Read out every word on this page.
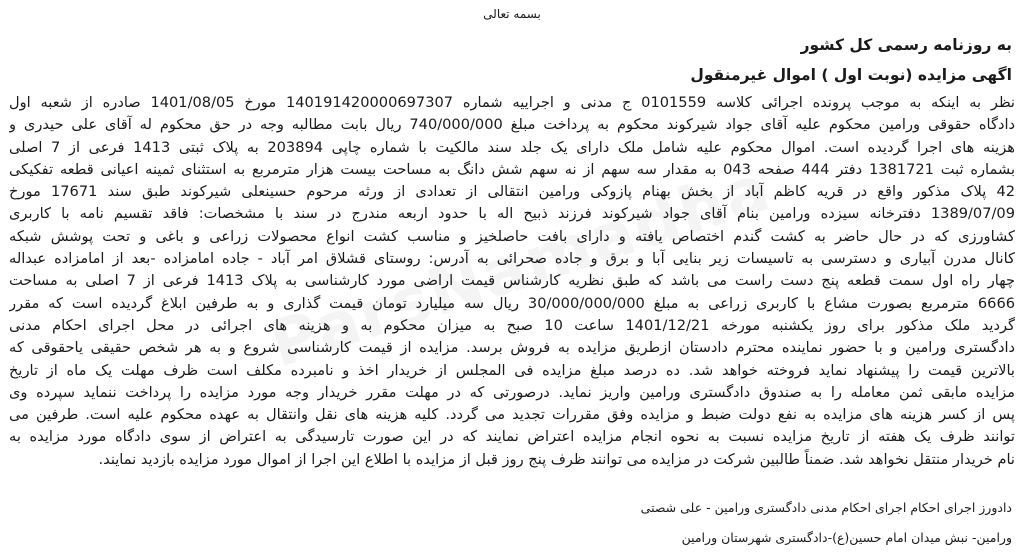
بسمه تعالی
به روزنامه رسمی کل کشور
اگهی مزایده (نوبت اول ) اموال غیرمنقول
نظر به اینکه به موجب پرونده اجرائی کلاسه 0101559 ج مدنی و اجراییه شماره 140191420000697307 مورخ 1401/08/05 صادره از شعبه اول
دادگاه حقوقی ورامین محکوم علیه آقای جواد شیرکوند محکوم به پرداخت مبلغ 740/000/000 ریال بابت مطالبه وجه در حق محکوم له آقای علی حیدری و
هزینه های اجرا گردیده است. اموال محکوم علیه شامل ملک دارای یک جلد سند مالکیت با شماره چاپی 203894 به پلاک ثبتی 1413 فرعی از 7 اصلی
بشماره ثبت 1381721 دفتر 444 صفحه 043 به مقدار سه سهم از نه سهم شش دانگ به مساحت بیست هزار مترمربع به استثنای ثمینه اعیانی قطعه تفکیکی
42 پلاک مذکور واقع در قریه کاظم آباد از بخش بهنام پازوکی ورامین انتقالی از تعدادی از ورثه مرحوم حسینعلی شیرکوند طبق سند 17671 مورخ
1389/07/09 دفترخانه سیزده ورامین بنام آقای جواد شیرکوند فرزند ذبیح اله با حدود اربعه مندرج در سند با مشخصات: فاقد تقسیم نامه با کاربری
کشاورزی که در حال حاضر به کشت گندم اختصاص یافته و دارای بافت حاصلخیز و مناسب کشت انواع محصولات زراعی و باغی و تحت پوشش شبکه
کانال مدرن آبیاری و دسترسی به تاسیسات زیر بنایی آبا و برق و جاده صحرائی به آدرس: روستای قشلاق امر آباد - جاده امامزاده -بعد از امامزاده عبداله
چهار راه اول سمت قطعه پنج دست راست می باشد که طبق نظریه کارشناس قیمت اراضی مورد کارشناسی به پلاک 1413 فرعی از 7 اصلی به مساحت
6666 مترمربع بصورت مشاع با کاربری زراعی به مبلغ 30/000/000/000 ریال سه میلیارد تومان قیمت گذاری و به طرفین ابلاغ گردیده است که مقرر
گردید ملک مذکور برای روز یکشنبه مورخه 1401/12/21 ساعت 10 صبح به میزان محکوم به و هزینه های اجرائی در محل اجرای احکام مدنی
دادگستری ورامین و با حضور نماینده محترم دادستان ازطریق مزایده به فروش برسد. مزایده از قیمت کارشناسی شروع و به هر شخص حقیقی یاحقوقی که
بالاترین قیمت را پیشنهاد نماید فروخته خواهد شد. ده درصد مبلغ مزایده فی المجلس از خریدار اخذ و نامبرده مکلف است ظرف مهلت یک ماه از تاریخ
مزایده مابقی ثمن معامله را به صندوق دادگستری ورامین واریز نماید. درصورتی که در مهلت مقرر خریدار وجه مورد مزایده را پرداخت ننماید سپرده وی
پس از کسر هزینه های مزایده به نفع دولت ضبط و مزایده وفق مقررات تجدید می گردد. کلیه هزینه های نقل وانتقال به عهده محکوم علیه است. طرفین می
توانند ظرف یک هفته از تاریخ مزایده نسبت به نحوه انجام مزایده اعتراض نمایند که در این صورت تارسیدگی به اعتراض از سوی دادگاه مورد مزایده به
نام خریدار منتقل نخواهد شد. ضمناً طالبین شرکت در مزایده می توانند ظرف پنج روز قبل از مزایده با اطلاع این اجرا از اموال مورد مزایده بازدید نمایند.
دادورز اجرای احکام اجرای احکام مدنی دادگستری ورامین - علی شصتی
ورامین- نبش میدان امام حسین(ع)-دادگستری شهرستان ورامین
